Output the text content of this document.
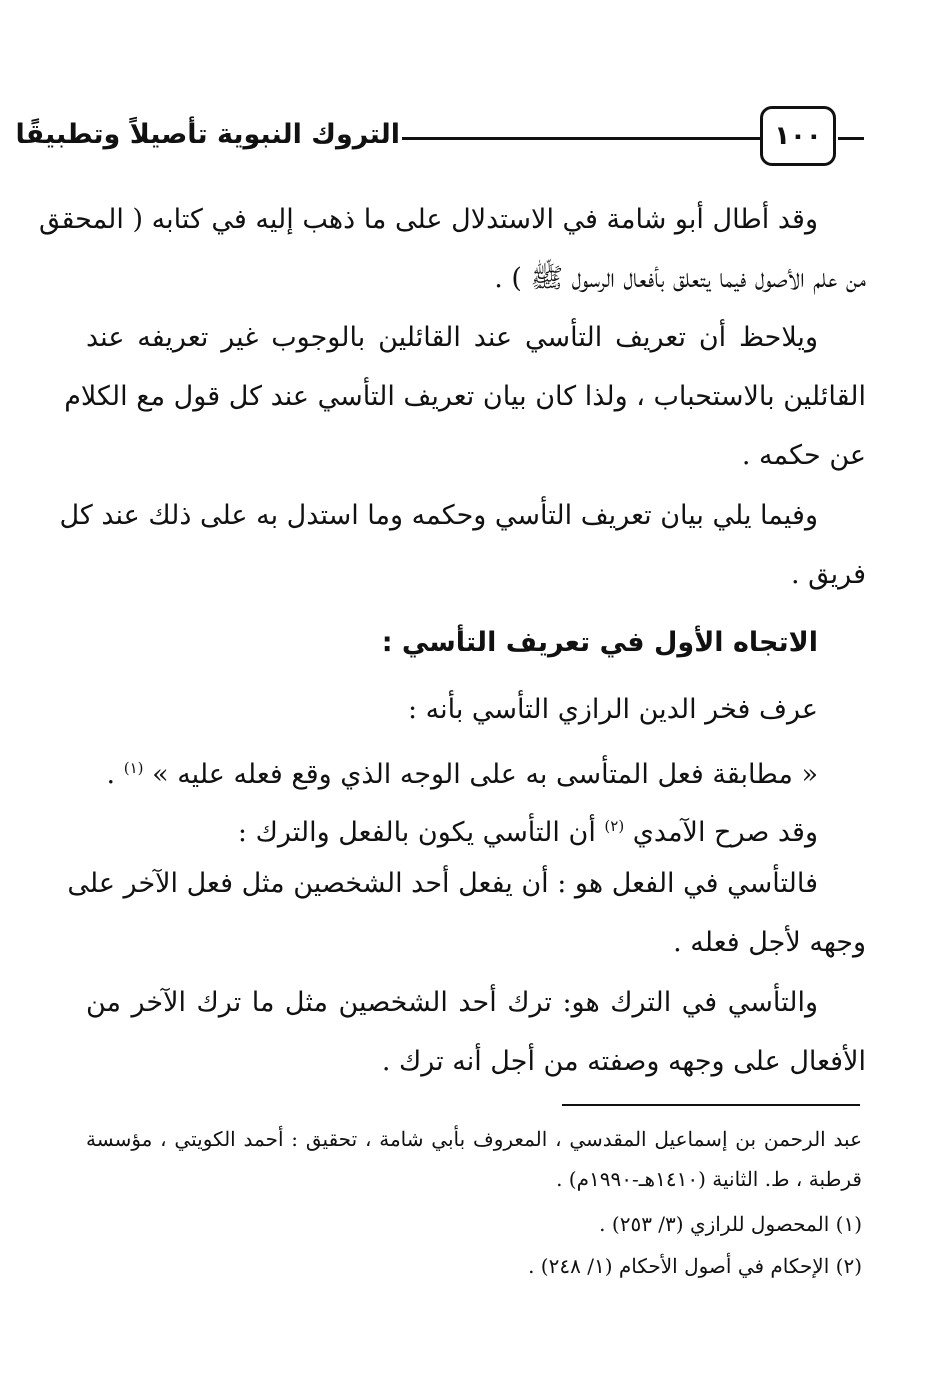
١٠٠
التروك النبوية تأصيلاً وتطبيقًا
وقد أطال أبو شامة في الاستدلال على ما ذهب إليه في كتابه ( المحقق
من علم الأصول فيما يتعلق بأفعال الرسول ﷺ ) .
ويلاحظ أن تعريف التأسي عند القائلين بالوجوب غير تعريفه عند
القائلين بالاستحباب ، ولذا كان بيان تعريف التأسي عند كل قول مع الكلام
عن حكمه .
وفيما يلي بيان تعريف التأسي وحكمه وما استدل به على ذلك عند كل
فريق .
الاتجاه الأول في تعريف التأسي :
عرف فخر الدين الرازي التأسي بأنه :
« مطابقة فعل المتأسى به على الوجه الذي وقع فعله عليه » $^{(١)}$ .
وقد صرح الآمدي $^{(٢)}$ أن التأسي يكون بالفعل والترك :
فالتأسي في الفعل هو : أن يفعل أحد الشخصين مثل فعل الآخر على
وجهه لأجل فعله .
والتأسي في الترك هو: ترك أحد الشخصين مثل ما ترك الآخر من
الأفعال على وجهه وصفته من أجل أنه ترك .
عبد الرحمن بن إسماعيل المقدسي ، المعروف بأبي شامة ، تحقيق : أحمد الكويتي ، مؤسسة
قرطبة ، ط. الثانية (١٤١٠هـ-١٩٩٠م) .
(١) المحصول للرازي (٣/ ٢٥٣) .
(٢) الإحكام في أصول الأحكام (١/ ٢٤٨) .
